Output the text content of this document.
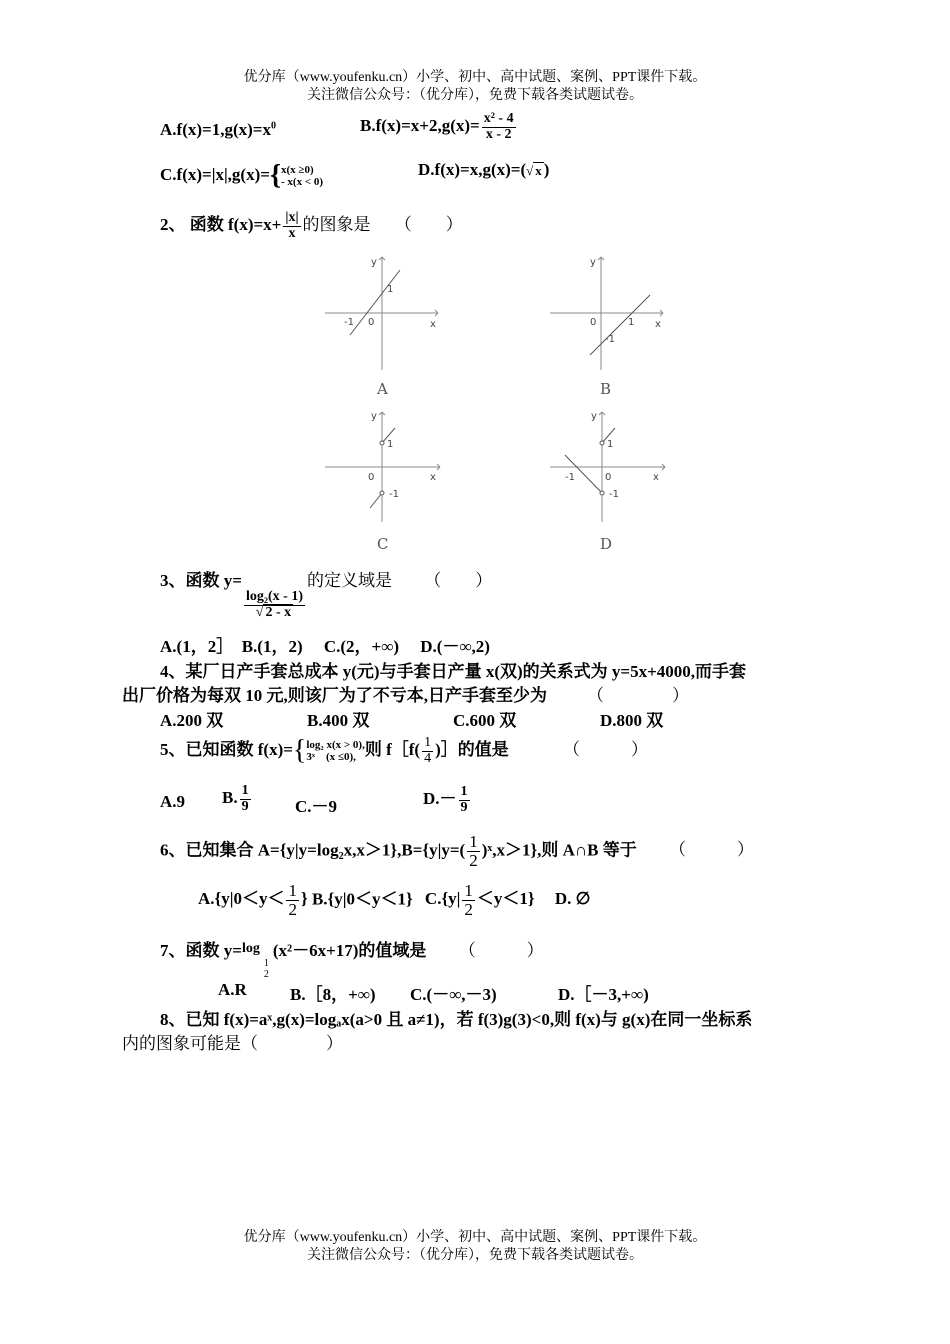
优分库（www.youfenku.cn）小学、初中、高中试题、案例、PPT课件下载。
关注微信公众号：（优分库），免费下载各类试题试卷。
$A.f(x)=1,g(x)=x^0$	$B.f(x)=x+2,g(x)= \frac{\text{x² - 4}}{x - 2}$
C.f(x)=|x|,g(x)={ x(x ≥0)
- x(x < 0)
D.f(x)=x,g(x)=(√ x )
2、 函数 $f(x)=x+ \frac{|x|}{x}$ 的图象是 （　　）
y
x
1
-1 0
A
y
x
1
-1
0
B
y
x
1
-1
0
C
y
x
1
-1
-1
0
D
3、函数 y=
$\frac{\text{log₂(x - 1)}}{√ 2 - x}$
的定义域是 （　　）
A.(1，2］　B.(1，2)　 C.(2，+∞)　 D.(－∞,2)
4、某厂日产手套总成本 y(元)与手套日产量 x(双)的关系式为 y=5x+4000,而手套
出厂价格为每双 10 元,则该厂为了不亏本,日产手套至少为 （　　　　）
A.200 双	B.400 双	C.600 双	D.800 双
5、已知函数 f(x)={ log₂ x(x > 0),
3ˣ　(x ≤0), 则 f［f( $\frac{1}{4}$ )］的值是	（　　　）
A.9 B. $\frac{1}{9}$	C.－9	$D.- \frac{1}{9}$
6、已知集合 $A=\{y|y=\log_2x,x>1\},B=\{y|y=( \frac{1}{2}$ )ˣ,x＞1},则 A∩B 等于 （　　　）
$A.\{y|0<y< \frac{1}{2}$ } B.{y|0＜y＜1} $C.\{y| \frac{1}{2} <y<1\}$ D. ∅
7、函数 y=$^{log}$
1
2
(x²－6x+17)的值域是 （　　　）
A.R	B.［8，+∞) C.(－∞,－3)	D.［－3,+∞)
8、已知 f(x)=aˣ,g(x)=logₐx(a>0 且 a≠1)，若 f(3)g(3)<0,则 f(x)与 g(x)在同一坐标系
内的图象可能是（　　　　）
优分库（www.youfenku.cn）小学、初中、高中试题、案例、PPT课件下载。
关注微信公众号：（优分库），免费下载各类试题试卷。
